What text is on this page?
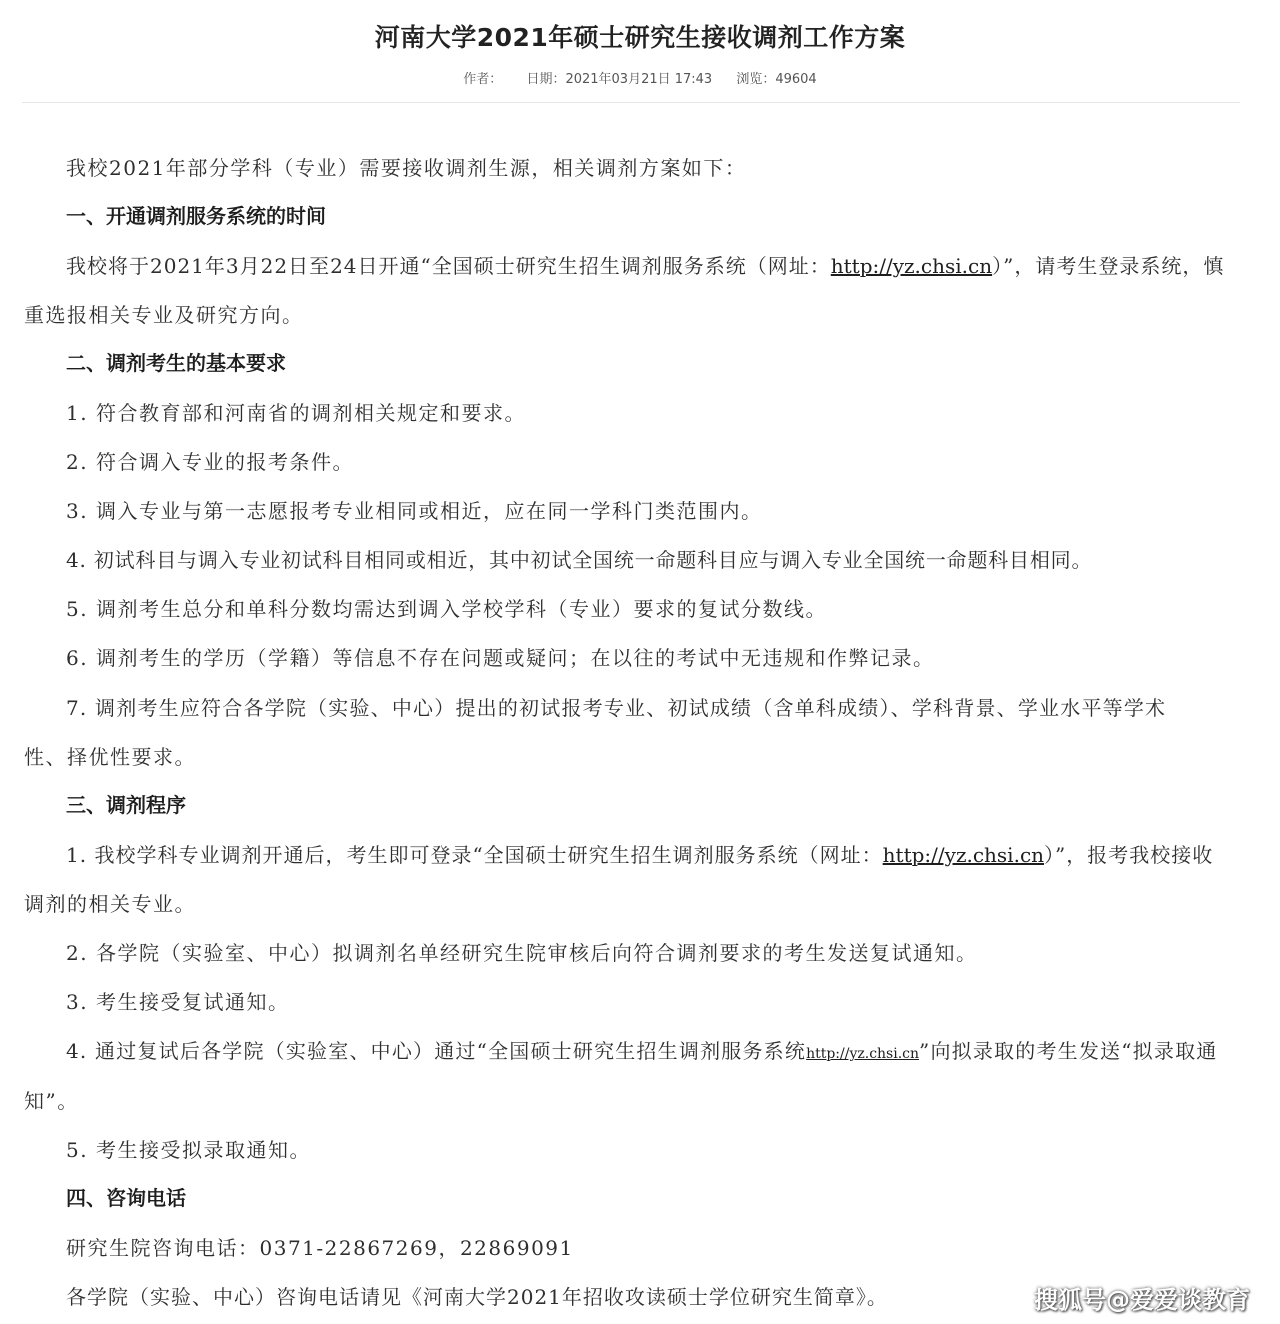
河南大学2021年硕士研究生接收调剂工作方案
作者： 日期：2021年03月21日 17:43 浏览：49604
我校2021年部分学科（专业）需要接收调剂生源，相关调剂方案如下：
一、开通调剂服务系统的时间
我校将于2021年3月22日至24日开通“全国硕士研究生招生调剂服务系统（网址：http://yz.chsi.cn）”，请考生登录系统，慎
重选报相关专业及研究方向。
二、调剂考生的基本要求
1. 符合教育部和河南省的调剂相关规定和要求。
2. 符合调入专业的报考条件。
3. 调入专业与第一志愿报考专业相同或相近，应在同一学科门类范围内。
4. 初试科目与调入专业初试科目相同或相近，其中初试全国统一命题科目应与调入专业全国统一命题科目相同。
5. 调剂考生总分和单科分数均需达到调入学校学科（专业）要求的复试分数线。
6. 调剂考生的学历（学籍）等信息不存在问题或疑问；在以往的考试中无违规和作弊记录。
7. 调剂考生应符合各学院（实验、中心）提出的初试报考专业、初试成绩（含单科成绩）、学科背景、学业水平等学术
性、择优性要求。
三、调剂程序
1. 我校学科专业调剂开通后，考生即可登录“全国硕士研究生招生调剂服务系统（网址：http://yz.chsi.cn）”，报考我校接收
调剂的相关专业。
2. 各学院（实验室、中心）拟调剂名单经研究生院审核后向符合调剂要求的考生发送复试通知。
3. 考生接受复试通知。
4. 通过复试后各学院（实验室、中心）通过“全国硕士研究生招生调剂服务系统http://yz.chsi.cn”向拟录取的考生发送“拟录取通
知”。
5. 考生接受拟录取通知。
四、咨询电话
研究生院咨询电话：0371-22867269，22869091
各学院（实验、中心）咨询电话请见《河南大学2021年招收攻读硕士学位研究生简章》。	搜狐号@爱爱谈教育
